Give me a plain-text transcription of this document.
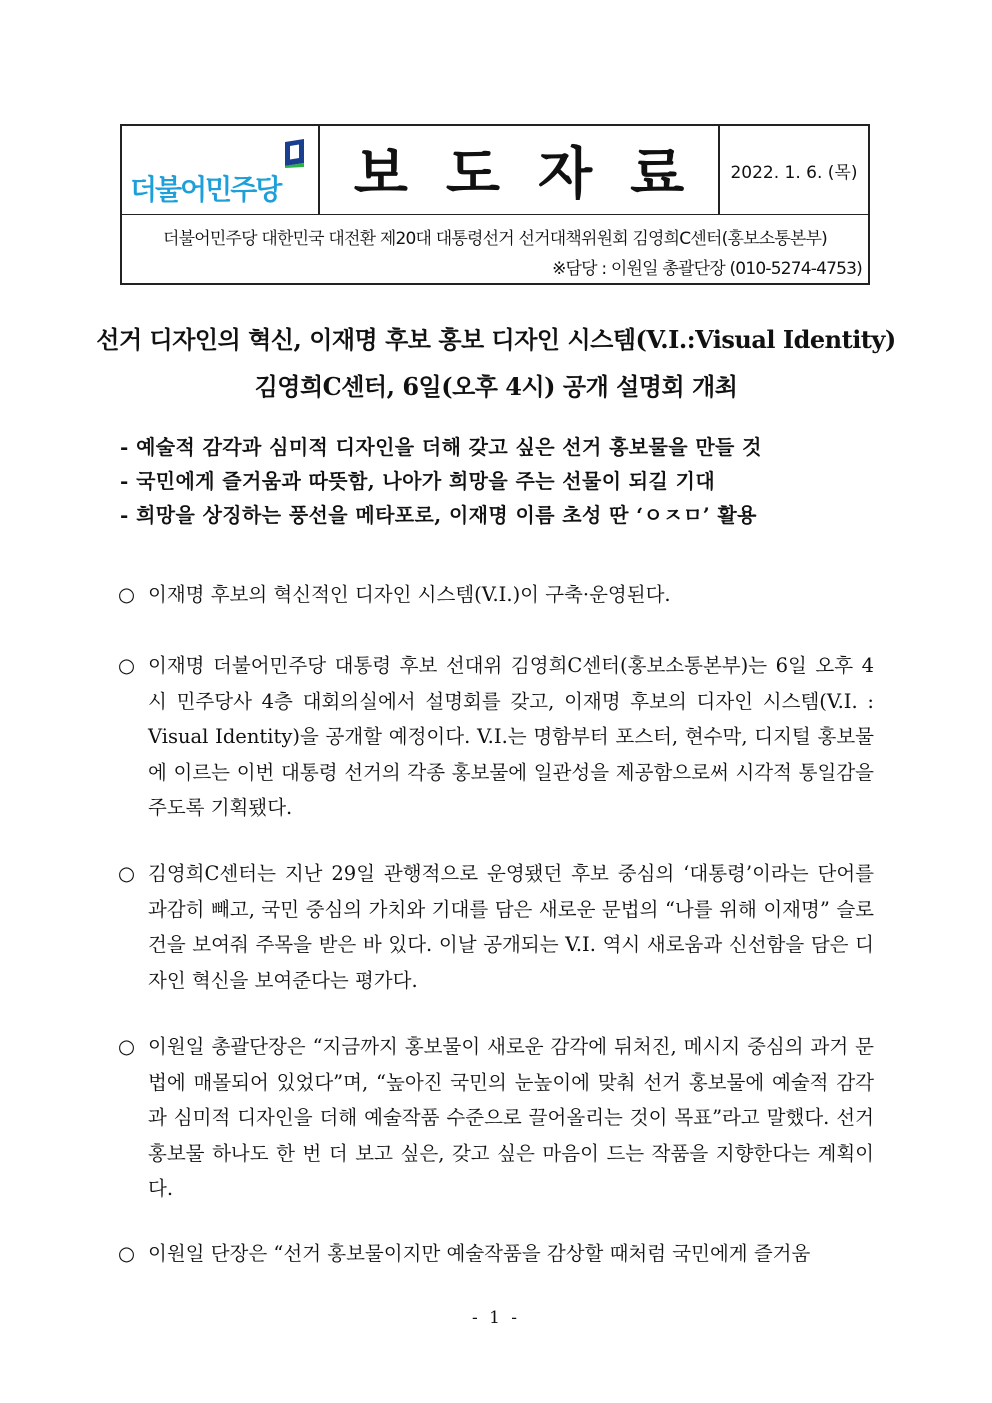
더불어민주당 보도자료 2022. 1. 6. (목)
더불어민주당 대한민국 대전환 제20대 대통령선거 선거대책위원회 김영희C센터(홍보소통본부)
※담당 : 이원일 총괄단장 (010-5274-4753)
선거 디자인의 혁신, 이재명 후보 홍보 디자인 시스템(V.I.:Visual Identity)
김영희C센터, 6일(오후 4시) 공개 설명회 개최
- 예술적 감각과 심미적 디자인을 더해 갖고 싶은 선거 홍보물을 만들 것
- 국민에게 즐거움과 따뜻함, 나아가 희망을 주는 선물이 되길 기대
- 희망을 상징하는 풍선을 메타포로, 이재명 이름 초성 딴 ‘ㅇㅈㅁ’ 활용
○ 이재명 후보의 혁신적인 디자인 시스템(V.I.)이 구축·운영된다.
○ 이재명 더불어민주당 대통령 후보 선대위 김영희C센터(홍보소통본부)는 6일 오후 4시 민주당사 4층 대회의실에서 설명회를 갖고, 이재명 후보의 디자인 시스템(V.I. : Visual Identity)을 공개할 예정이다. V.I.는 명함부터 포스터, 현수막, 디지털 홍보물에 이르는 이번 대통령 선거의 각종 홍보물에 일관성을 제공함으로써 시각적 통일감을 주도록 기획됐다.
○ 김영희C센터는 지난 29일 관행적으로 운영됐던 후보 중심의 ‘대통령’이라는 단어를 과감히 빼고, 국민 중심의 가치와 기대를 담은 새로운 문법의 “나를 위해 이재명” 슬로건을 보여줘 주목을 받은 바 있다. 이날 공개되는 V.I. 역시 새로움과 신선함을 담은 디자인 혁신을 보여준다는 평가다.
○ 이원일 총괄단장은 “지금까지 홍보물이 새로운 감각에 뒤처진, 메시지 중심의 과거 문법에 매몰되어 있었다”며, “높아진 국민의 눈높이에 맞춰 선거 홍보물에 예술적 감각과 심미적 디자인을 더해 예술작품 수준으로 끌어올리는 것이 목표”라고 말했다. 선거 홍보물 하나도 한 번 더 보고 싶은, 갖고 싶은 마음이 드는 작품을 지향한다는 계획이다.
○ 이원일 단장은 “선거 홍보물이지만 예술작품을 감상할 때처럼 국민에게 즐거움
- 1 -
